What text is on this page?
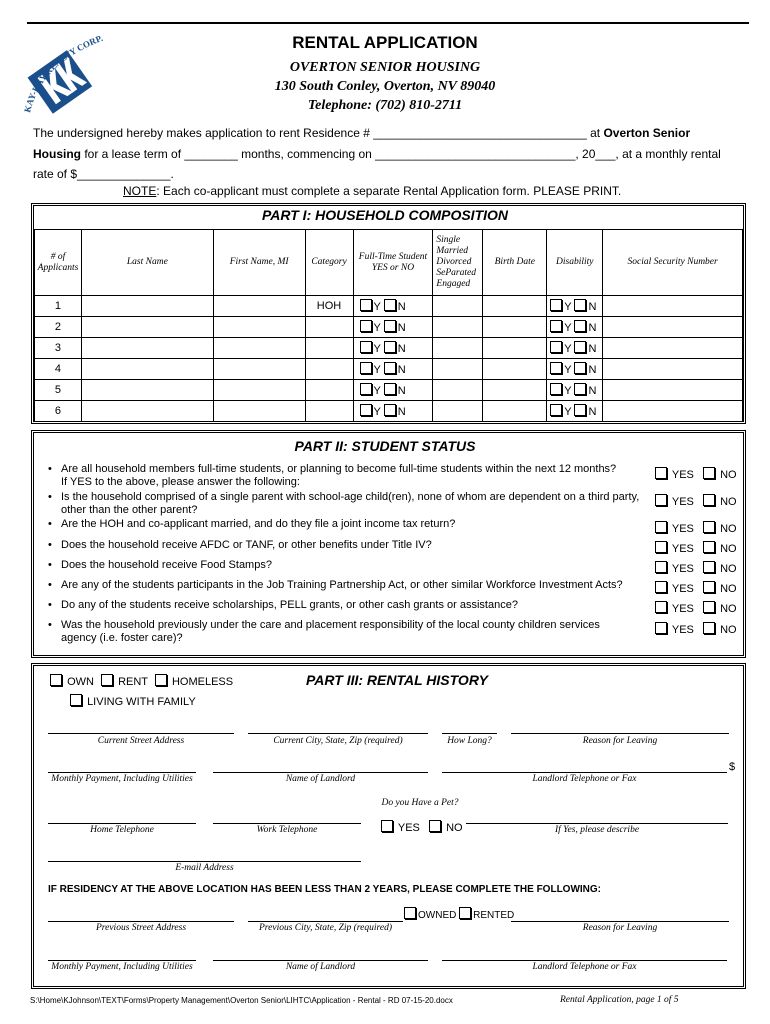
KAY-KAY REALTY CORP.	RENTAL APPLICATION
OVERTON SENIOR HOUSING
130 South Conley, Overton, NV 89040
Telephone: (702) 810-2711
The undersigned hereby makes application to rent Residence # ________________________________ at Overton Senior
Housing for a lease term of ________ months, commencing on ______________________________, 20___, at a monthly rental
rate of $______________.
NOTE: Each co-applicant must complete a separate Rental Application form. PLEASE PRINT.
PART I: HOUSEHOLD COMPOSITION
# of Applicants	Last Name	First Name, MI	Category	Full-Time Student YES or NO	Single
Married
Divorced
SeParated
Engaged	Birth Date	Disability	Social Security Number
1			HOH	Y N			Y N	
2				Y N			Y N	
3				Y N			Y N	
4				Y N			Y N	
5				Y N			Y N	
6				Y N			Y N	
PART II: STUDENT STATUS
• Are all household members full-time students, or planning to become full-time students within the next 12 months?
If YES to the above, please answer the following:
• Is the household comprised of a single parent with school-age child(ren), none of whom are dependent on a third party, other than the other parent?
• Are the HOH and co-applicant married, and do they file a joint income tax return?
• Does the household receive AFDC or TANF, or other benefits under Title IV?
• Does the household receive Food Stamps?
• Are any of the students participants in the Job Training Partnership Act, or other similar Workforce Investment Acts?
• Do any of the students receive scholarships, PELL grants, or other cash grants or assistance?
• Was the household previously under the care and placement responsibility of the local county children services agency (i.e. foster care)?
YES NO
YES NO
YES NO
YES NO
YES NO
YES NO
YES NO
YES NO
OWN RENT HOMELESS
LIVING WITH FAMILY
PART III: RENTAL HISTORY
Current Street Address	Current City, State, Zip (required)	How Long?	Reason for Leaving
$
Monthly Payment, Including Utilities	Name of Landlord	Landlord Telephone or Fax
Do you Have a Pet?
Home Telephone	Work Telephone	YES NO	If Yes, please describe
E-mail Address
IF RESIDENCY AT THE ABOVE LOCATION HAS BEEN LESS THAN 2 YEARS, PLEASE COMPLETE THE FOLLOWING:
OWNED RENTED
Previous Street Address	Previous City, State, Zip (required)	Reason for Leaving
Monthly Payment, Including Utilities	Name of Landlord	Landlord Telephone or Fax
S:\Home\KJohnson\TEXT\Forms\Property Management\Overton Senior\LIHTC\Application - Rental - RD 07-15-20.docx	Rental Application, page 1 of 5
